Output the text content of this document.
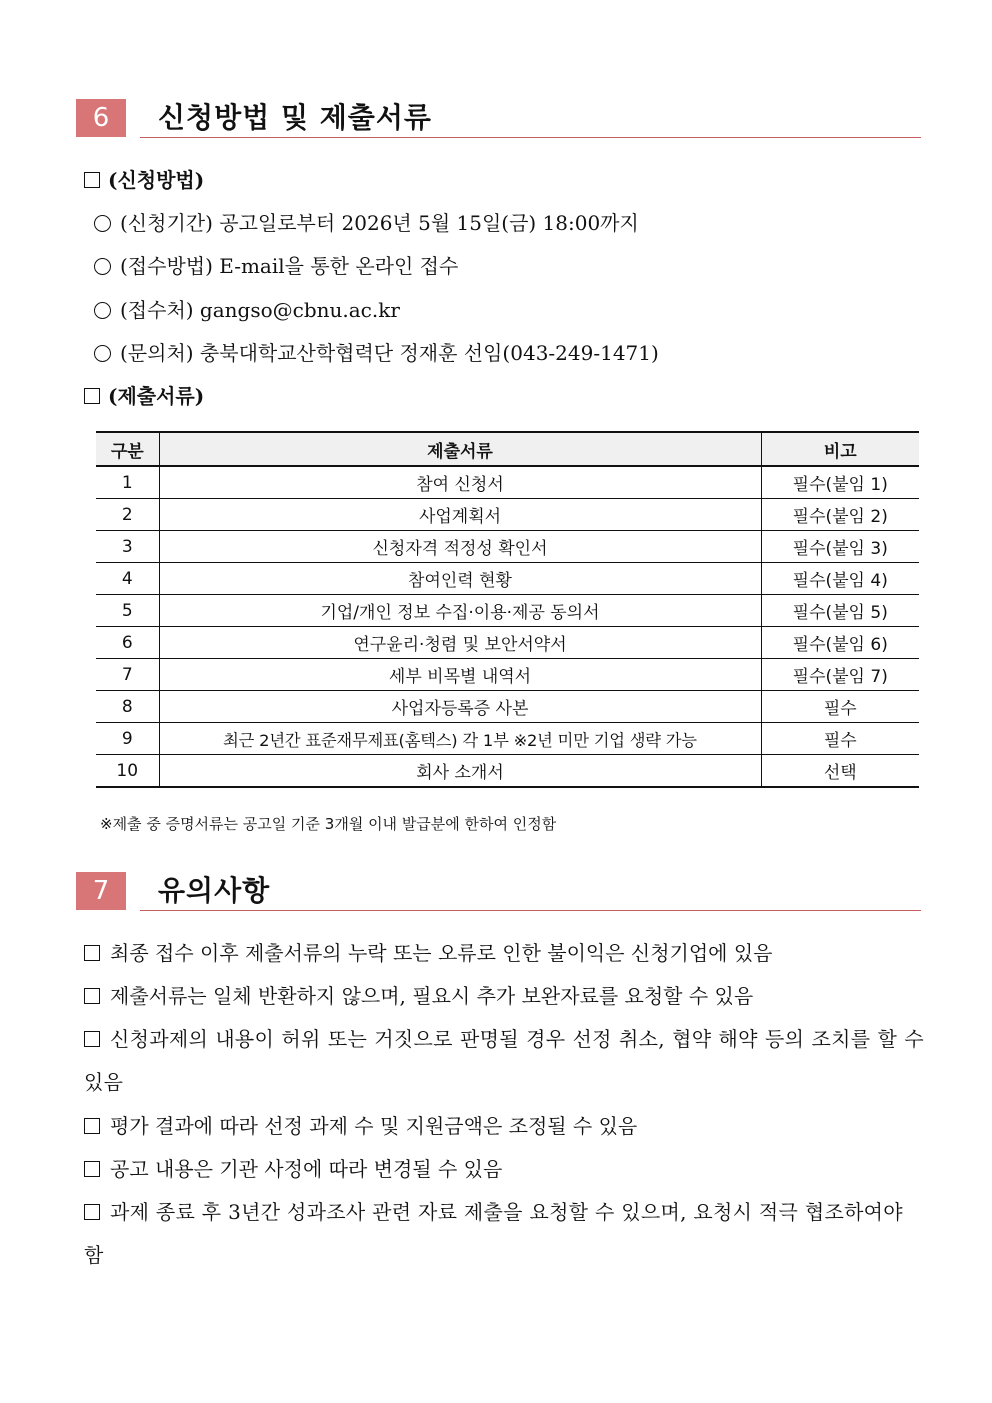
6	신청방법 및 제출서류
(신청방법)
(신청기간) 공고일로부터 2026년 5월 15일(금) 18:00까지
(접수방법) E-mail을 통한 온라인 접수
(접수처) gangso@cbnu.ac.kr
(문의처) 충북대학교산학협력단 정재훈 선임(043-249-1471)
(제출서류)
구분	제출서류	비고
1	참여 신청서	필수(붙임 1)
2	사업계획서	필수(붙임 2)
3	신청자격 적정성 확인서	필수(붙임 3)
4	참여인력 현황	필수(붙임 4)
5	기업/개인 정보 수집·이용·제공 동의서	필수(붙임 5)
6	연구윤리·청렴 및 보안서약서	필수(붙임 6)
7	세부 비목별 내역서	필수(붙임 7)
8	사업자등록증 사본	필수
9	최근 2년간 표준재무제표(홈텍스) 각 1부 ※2년 미만 기업 생략 가능	필수
10	회사 소개서	선택
※제출 중 증명서류는 공고일 기준 3개월 이내 발급분에 한하여 인정함
7	유의사항
최종 접수 이후 제출서류의 누락 또는 오류로 인한 불이익은 신청기업에 있음
제출서류는 일체 반환하지 않으며, 필요시 추가 보완자료를 요청할 수 있음
신청과제의 내용이 허위 또는 거짓으로 판명될 경우 선정 취소, 협약 해약 등의 조치를 할 수 있음
평가 결과에 따라 선정 과제 수 및 지원금액은 조정될 수 있음
공고 내용은 기관 사정에 따라 변경될 수 있음
과제 종료 후 3년간 성과조사 관련 자료 제출을 요청할 수 있으며, 요청시 적극 협조하여야 함
